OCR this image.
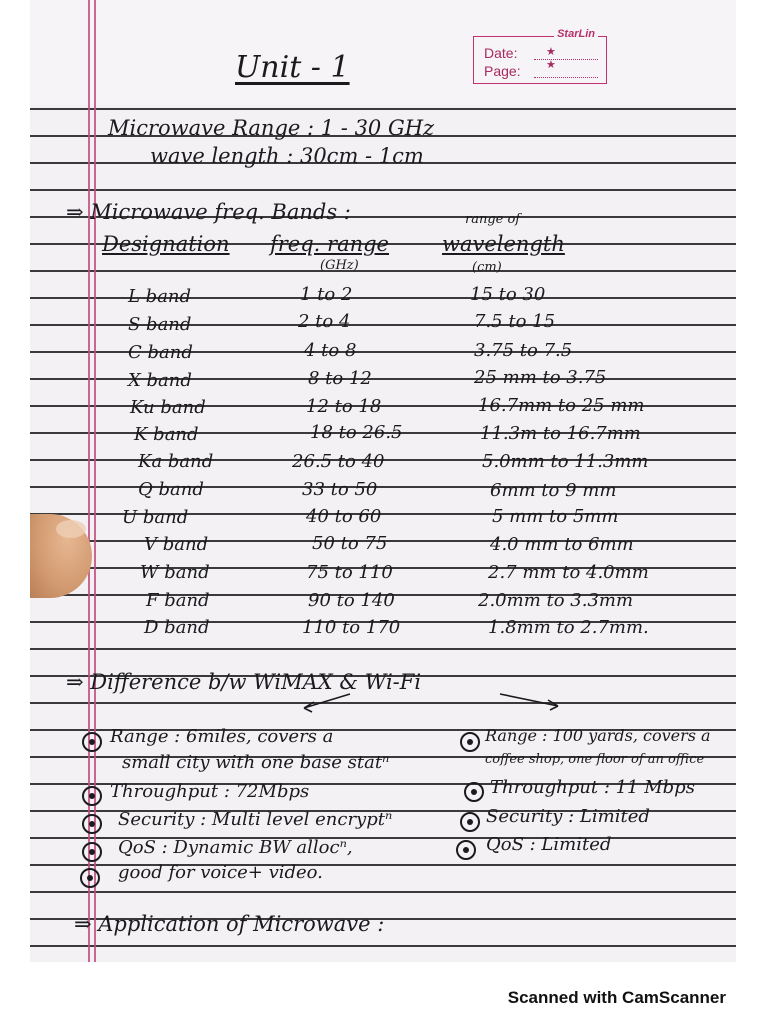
StarLin
Date:	★ ★
Page:
Unit - 1
Microwave Range : 1 - 30 GHz
wave length : 30cm - 1cm
⇒ Microwave freq. Bands :	range of
Designation freq. range	wavelength
(GHz)	(cm)
L band	1 to 2	15 to 30
S band	2 to 4	7.5 to 15
C band	4 to 8	3.75 to 7.5
X band	8 to 12	25 mm to 3.75
Ku band	12 to 18	16.7mm to 25 mm
K band	18 to 26.5	11.3m to 16.7mm
Ka band	26.5 to 40	5.0mm to 11.3mm
Q band	33 to 50	6mm to 9 mm
U band	40 to 60	5 mm to 5mm
V band	50 to 75	4.0 mm to 6mm
W band	75 to 110	2.7 mm to 4.0mm
F band	90 to 140	2.0mm to 3.3mm
D band	110 to 170	1.8mm to 2.7mm.
⇒ Difference b/w WiMAX & Wi-Fi
Range : 6miles, covers a
small city with one base statⁿ
Throughput : 72Mbps
Security : Multi level encryptⁿ
QoS : Dynamic BW allocⁿ,
good for voice+ video.
Range : 100 yards, covers a
coffee shop, one floor of an office
Throughput : 11 Mbps
Security : Limited
QoS : Limited
⇒ Application of Microwave :
Scanned with CamScanner
